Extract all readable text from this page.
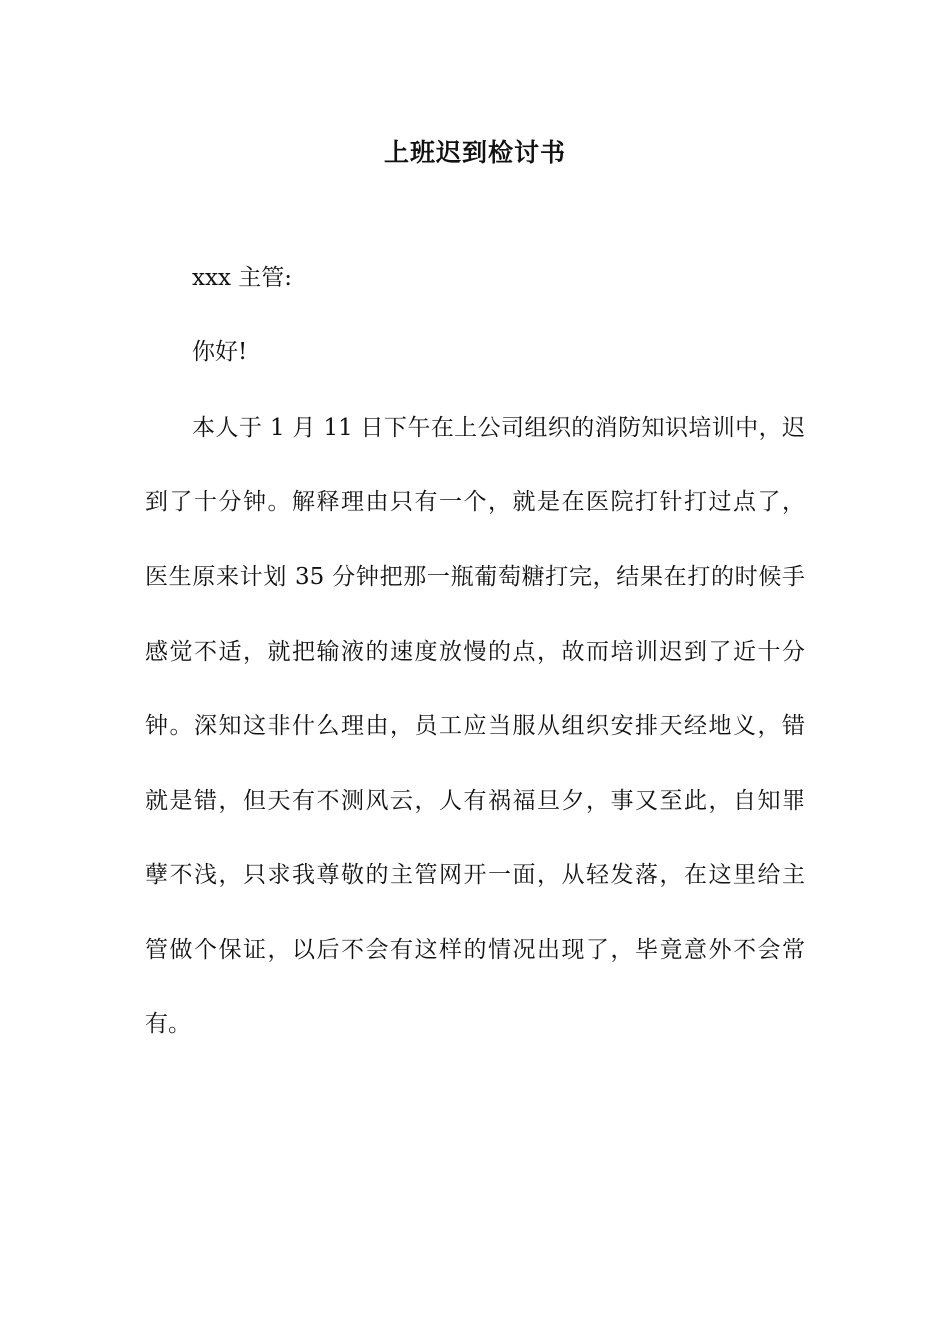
上班迟到检讨书

xxx 主管:

你好!

本人于 1 月 11 日下午在上公司组织的消防知识培训中，迟

到了十分钟。解释理由只有一个，就是在医院打针打过点了，

医生原来计划 35 分钟把那一瓶葡萄糖打完，结果在打的时候手

感觉不适，就把输液的速度放慢的点，故而培训迟到了近十分

钟。深知这非什么理由，员工应当服从组织安排天经地义，错

就是错，但天有不测风云，人有祸福旦夕，事又至此，自知罪

孽不浅，只求我尊敬的主管网开一面，从轻发落，在这里给主

管做个保证，以后不会有这样的情况出现了，毕竟意外不会常

有。
